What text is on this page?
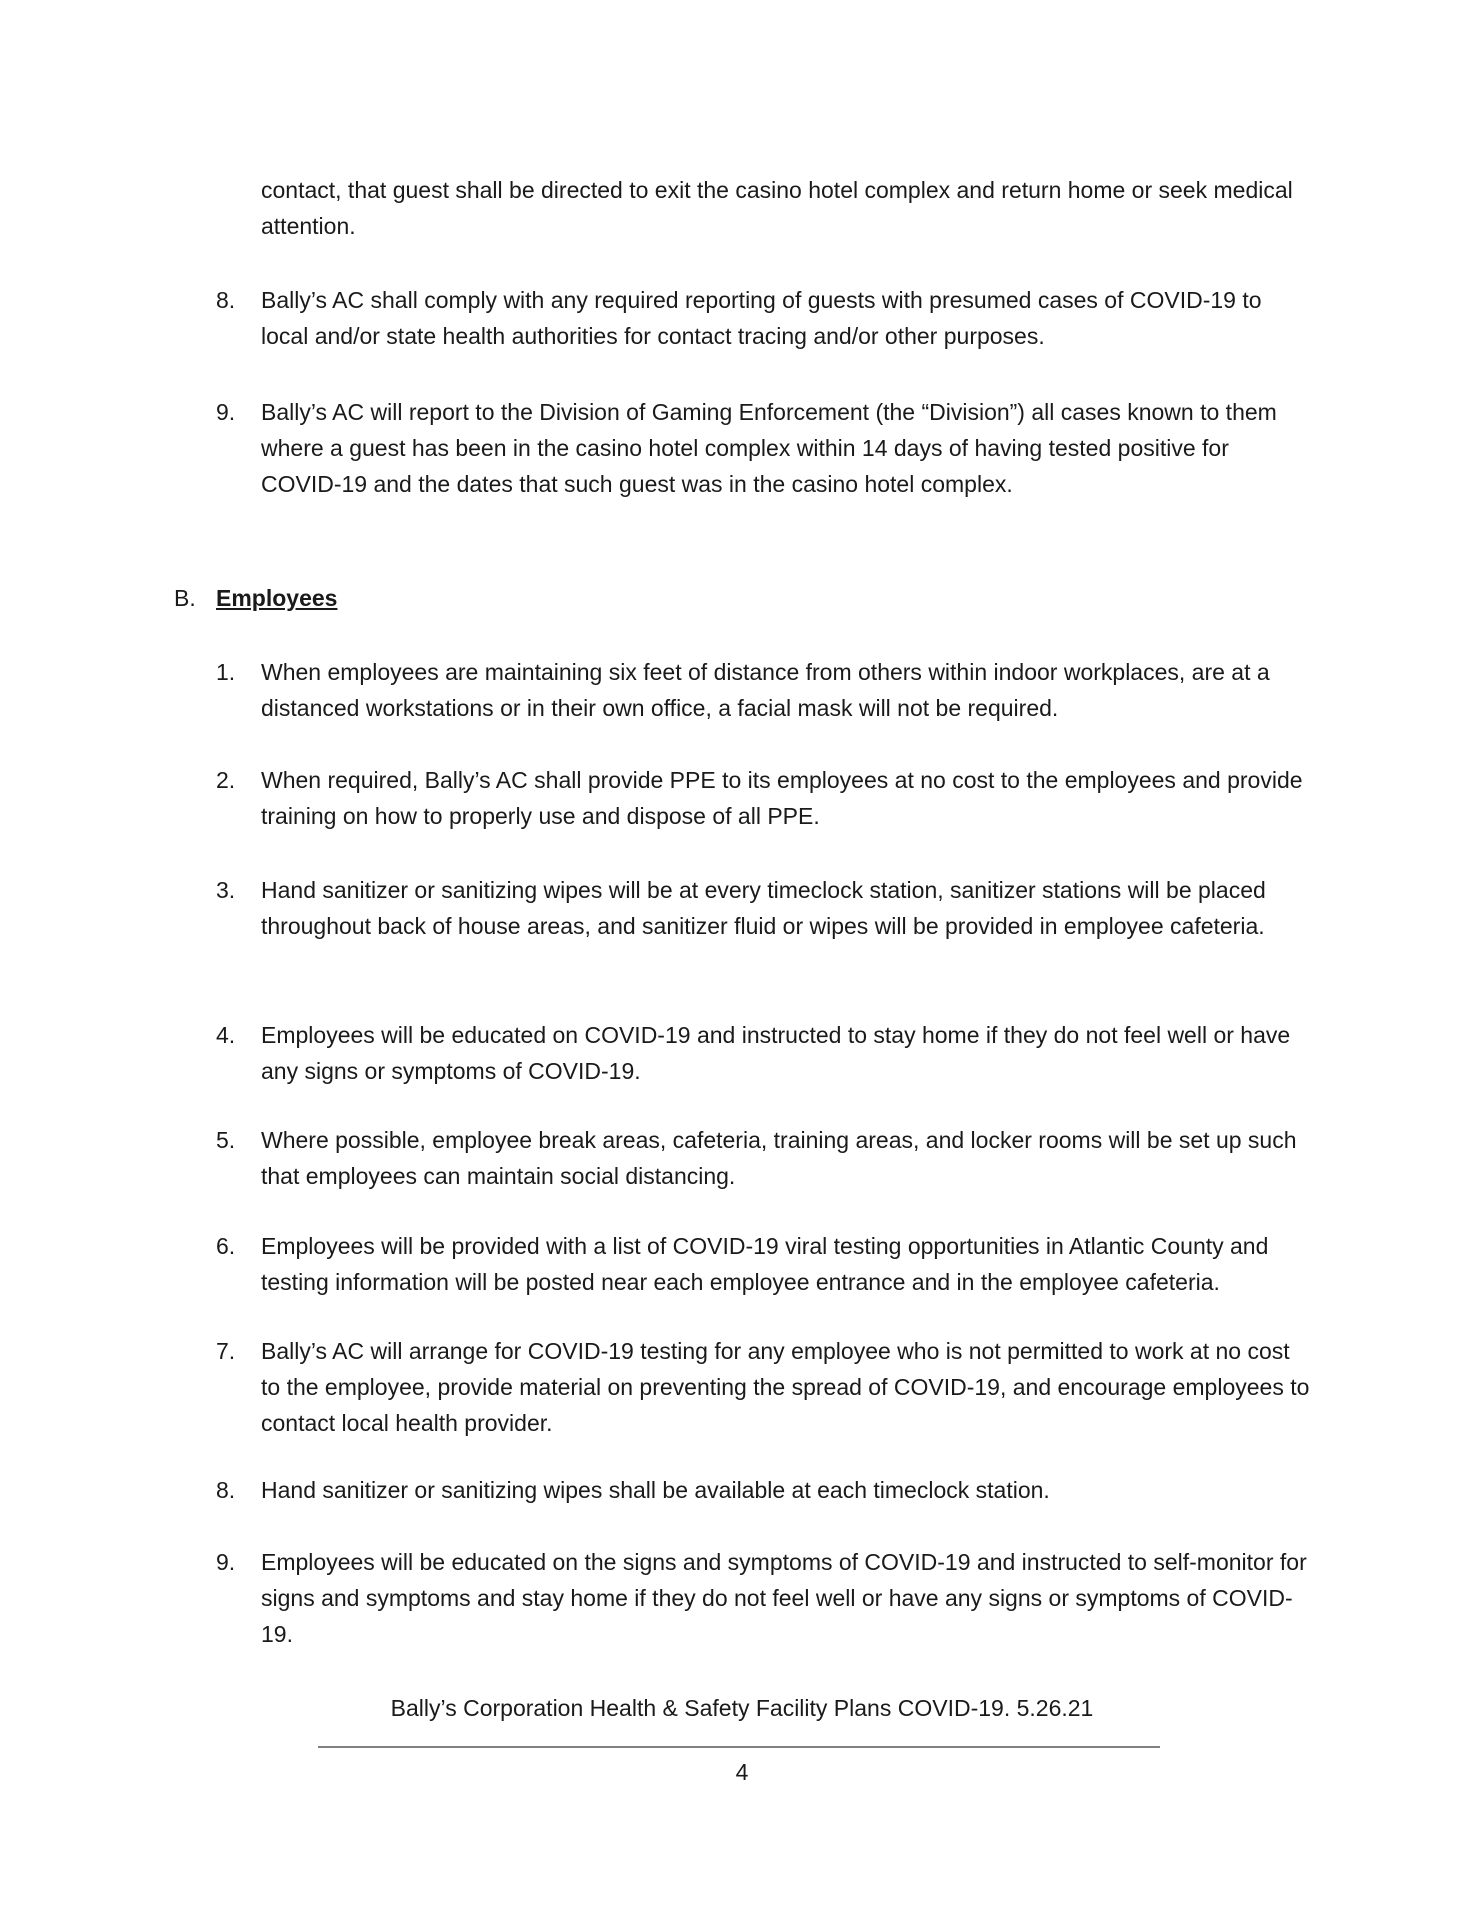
contact, that guest shall be directed to exit the casino hotel complex and return home or seek medical attention.

8.	Bally’s AC shall comply with any required reporting of guests with presumed cases of COVID-19 to local and/or state health authorities for contact tracing and/or other purposes.

9.	Bally’s AC will report to the Division of Gaming Enforcement (the “Division”) all cases known to them where a guest has been in the casino hotel complex within 14 days of having tested positive for COVID-19 and the dates that such guest was in the casino hotel complex.

B. Employees
1.	When employees are maintaining six feet of distance from others within indoor workplaces, are at a distanced workstations or in their own office, a facial mask will not be required.

2.	When required, Bally’s AC shall provide PPE to its employees at no cost to the employees and provide training on how to properly use and dispose of all PPE.

3.	Hand sanitizer or sanitizing wipes will be at every timeclock station, sanitizer stations will be placed throughout back of house areas, and sanitizer fluid or wipes will be provided in employee cafeteria.

4.	Employees will be educated on COVID-19 and instructed to stay home if they do not feel well or have any signs or symptoms of COVID-19.

5.	Where possible, employee break areas, cafeteria, training areas, and locker rooms will be set up such that employees can maintain social distancing.

6.	Employees will be provided with a list of COVID-19 viral testing opportunities in Atlantic County and testing information will be posted near each employee entrance and in the employee cafeteria.

7.	Bally’s AC will arrange for COVID-19 testing for any employee who is not permitted to work at no cost to the employee, provide material on preventing the spread of COVID-19, and encourage employees to contact local health provider.

8.	Hand sanitizer or sanitizing wipes shall be available at each timeclock station.

9.	Employees will be educated on the signs and symptoms of COVID-19 and instructed to self-monitor for signs and symptoms and stay home if they do not feel well or have any signs or symptoms of COVID-19.

Bally’s Corporation Health & Safety Facility Plans COVID-19. 5.26.21
4
